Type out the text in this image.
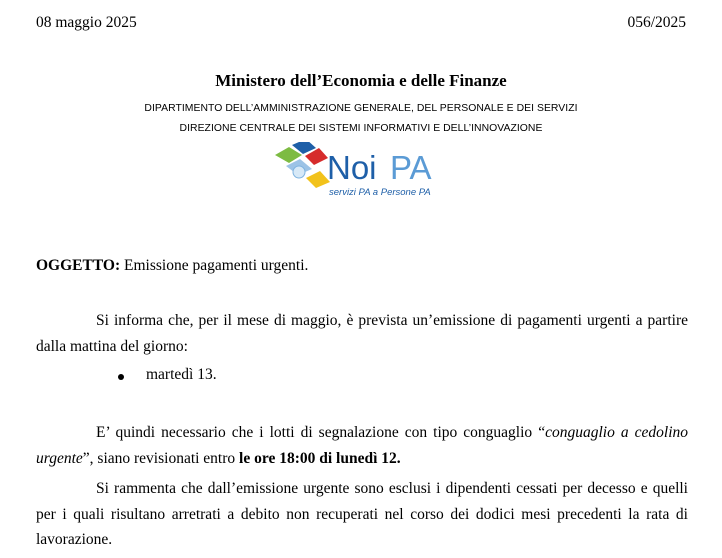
08 maggio 2025	056/2025
Ministero dell’Economia e delle Finanze
DIPARTIMENTO DELL’AMMINISTRAZIONE GENERALE, DEL PERSONALE E DEI SERVIZI
DIREZIONE CENTRALE DEI SISTEMI INFORMATIVI E DELL’INNOVAZIONE
Noi PA
servizi PA a Persone PA
OGGETTO: Emissione pagamenti urgenti.
Si informa che, per il mese di maggio, è prevista un’emissione di pagamenti urgenti a partire dalla mattina del giorno:
martedì 13.
E’ quindi necessario che i lotti di segnalazione con tipo conguaglio “conguaglio a cedolino urgente”, siano revisionati entro le ore 18:00 di lunedì 12.
Si rammenta che dall’emissione urgente sono esclusi i dipendenti cessati per decesso e quelli per i quali risultano arretrati a debito non recuperati nel corso dei dodici mesi precedenti la rata di lavorazione.
